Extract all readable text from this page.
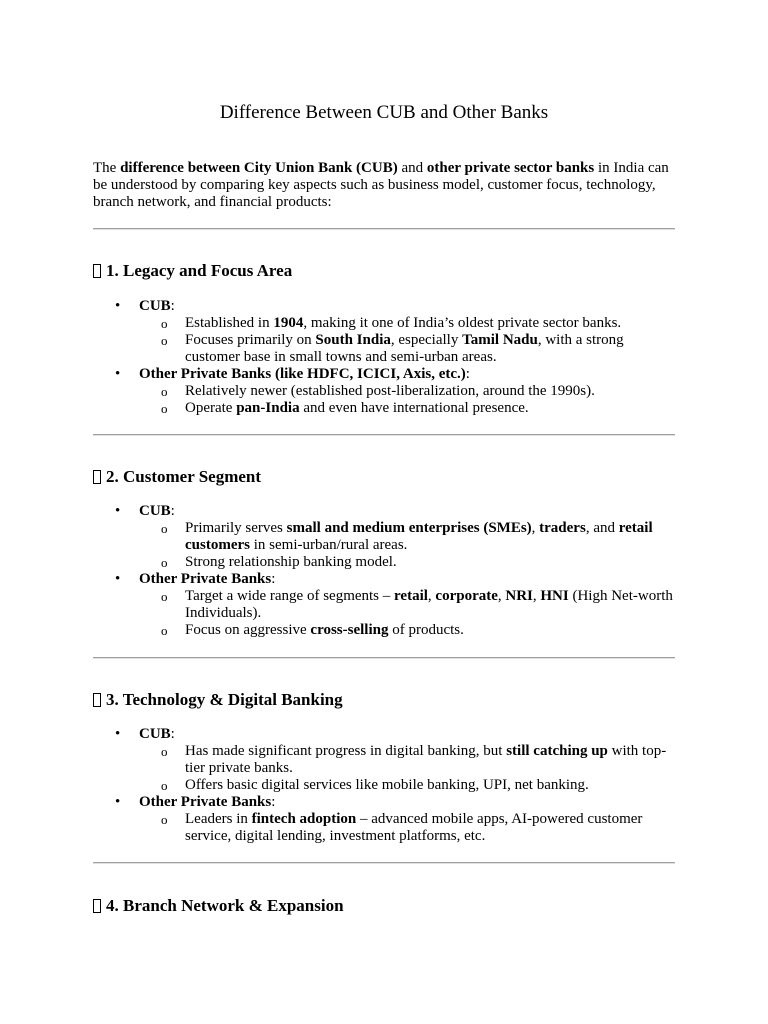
Difference Between CUB and Other Banks

The difference between City Union Bank (CUB) and other private sector banks in India can be understood by comparing key aspects such as business model, customer focus, technology, branch network, and financial products:

1. Legacy and Focus Area
• CUB:
o Established in 1904, making it one of India’s oldest private sector banks.
o Focuses primarily on South India, especially Tamil Nadu, with a strong customer base in small towns and semi-urban areas.
• Other Private Banks (like HDFC, ICICI, Axis, etc.):
o Relatively newer (established post-liberalization, around the 1990s).
o Operate pan-India and even have international presence.
2. Customer Segment
• CUB:
o Primarily serves small and medium enterprises (SMEs), traders, and retail customers in semi-urban/rural areas.
o Strong relationship banking model.
• Other Private Banks:
o Target a wide range of segments – retail, corporate, NRI, HNI (High Net-worth Individuals).
o Focus on aggressive cross-selling of products.
3. Technology & Digital Banking
• CUB:
o Has made significant progress in digital banking, but still catching up with top-tier private banks.
o Offers basic digital services like mobile banking, UPI, net banking.
• Other Private Banks:
o Leaders in fintech adoption – advanced mobile apps, AI-powered customer service, digital lending, investment platforms, etc.
4. Branch Network & Expansion
